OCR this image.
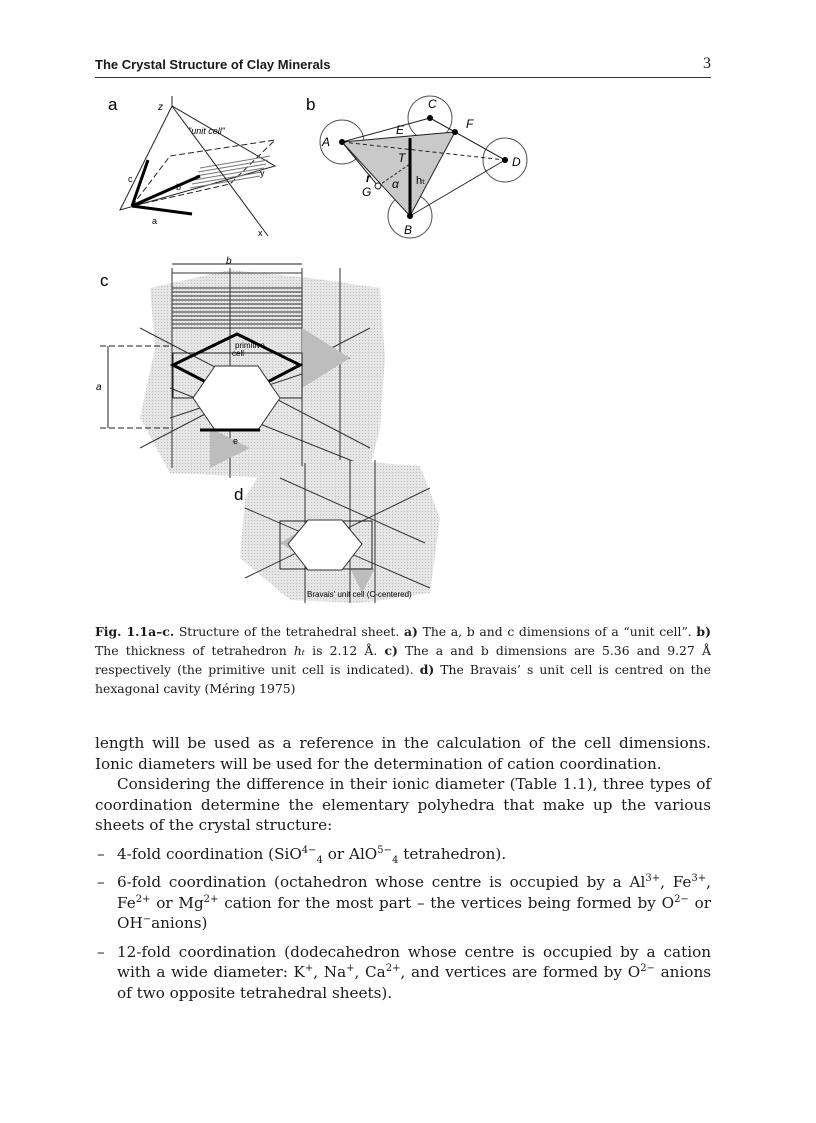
The Crystal Structure of Clay Minerals	3
a	z
"unit cell"
y
x
c
b
a
b	C
F
D
A
E
T
r
G
α hₜ
B
c
b
a
primitive
cell
e
d
Bravais' unit cell (C-centered)
Fig. 1.1a–c. Structure of the tetrahedral sheet. a) The a, b and c dimensions of a “unit cell”. b) The thickness of tetrahedron hₜ is 2.12 Å. c) The a and b dimensions are 5.36 and 9.27 Å respectively (the primitive unit cell is indicated). d) The Bravais’ s unit cell is centred on the hexagonal cavity (Méring 1975)

length will be used as a reference in the calculation of the cell dimensions. Ionic diameters will be used for the determination of cation coordination.

Considering the difference in their ionic diameter (Table 1.1), three types of coordination determine the elementary polyhedra that make up the various sheets of the crystal structure:

– 4-fold coordination (SiO$^{4-}_4$ or AlO$^{5-}_4$ tetrahedron).
– 6-fold coordination (octahedron whose centre is occupied by a $Al^{3+}$, $Fe^{3+}$, $Fe^{2+}$ or $Mg^{2+}$ cation for the most part – the vertices being formed by $O^{2-}$ or OH−anions)
– 12-fold coordination (dodecahedron whose centre is occupied by a cation with a wide diameter: K+, Na+, $Ca^{2+}$, and vertices are formed by $O^{2-}$ anions of two opposite tetrahedral sheets).
